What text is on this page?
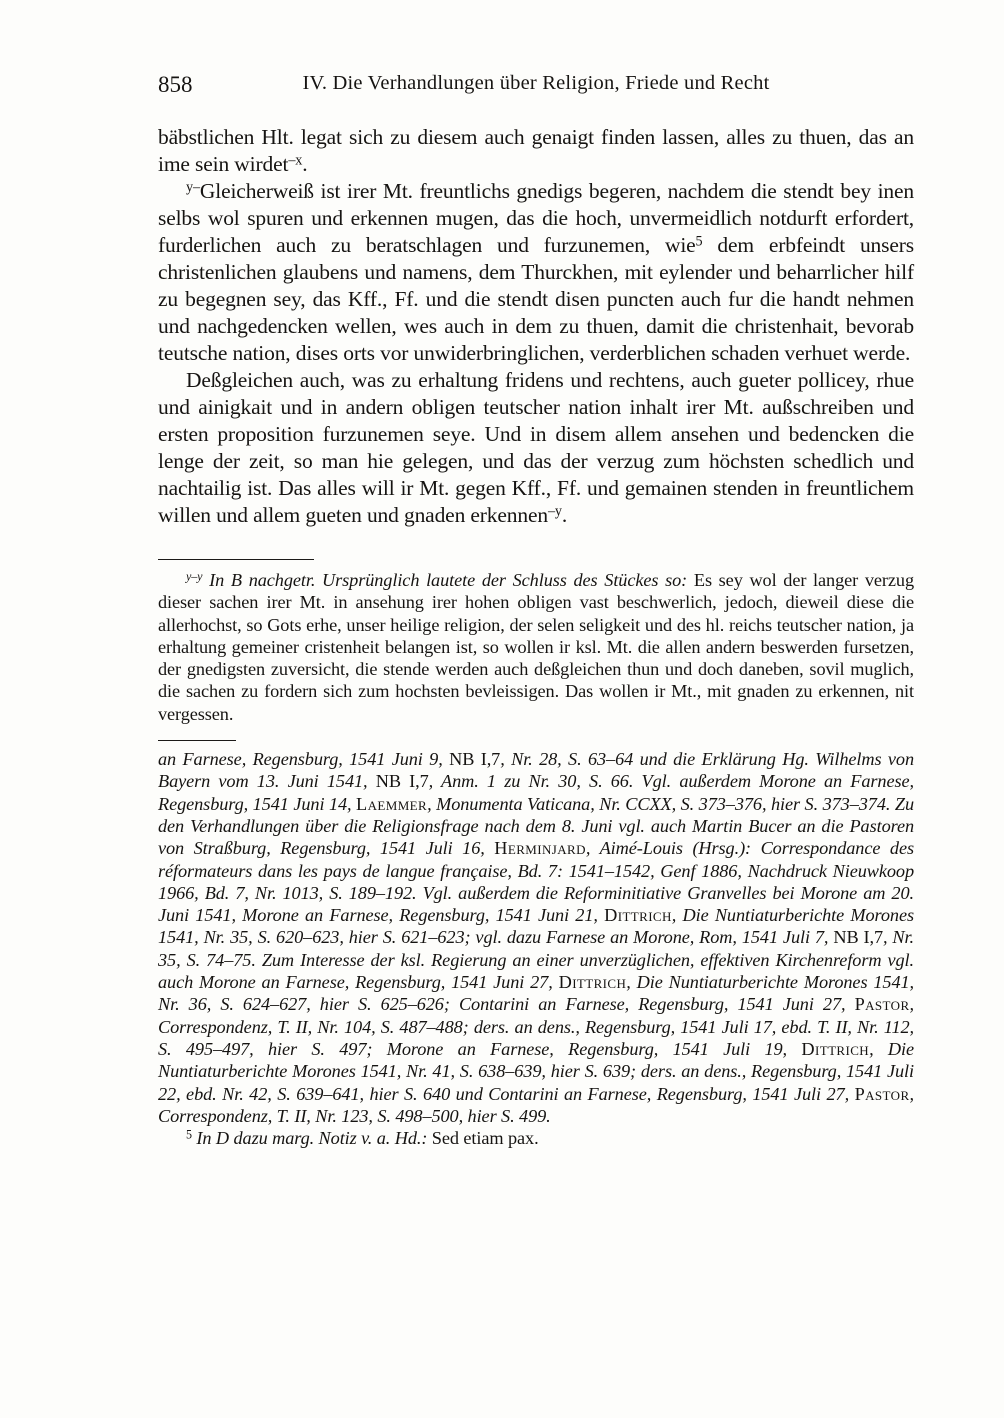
858	IV. Die Verhandlungen über Religion, Friede und Recht

bäbstlichen Hlt. legat sich zu diesem auch genaigt finden lassen, alles zu thuen, das an ime sein wirdet$^{-x}$.

$^{y-}$Gleicherweiß ist irer Mt. freuntlichs gnedigs begeren, nachdem die stendt bey inen selbs wol spuren und erkennen mugen, das die hoch, unvermeidlich notdurft erfordert, furderlichen auch zu beratschlagen und furzunemen, wie$^5$ dem erbfeindt unsers christenlichen glaubens und namens, dem Thurckhen, mit eylender und beharrlicher hilf zu begegnen sey, das Kff., Ff. und die stendt disen puncten auch fur die handt nehmen und nachgedencken wellen, wes auch in dem zu thuen, damit die christenhait, bevorab teutsche nation, dises orts vor unwiderbringlichen, verderblichen schaden verhuet werde.

Deßgleichen auch, was zu erhaltung fridens und rechtens, auch gueter pollicey, rhue und ainigkait und in andern obligen teutscher nation inhalt irer Mt. außschreiben und ersten proposition furzunemen seye. Und in disem allem ansehen und bedencken die lenge der zeit, so man hie gelegen, und das der verzug zum höchsten schedlich und nachtailig ist. Das alles will ir Mt. gegen Kff., Ff. und gemainen stenden in freuntlichem willen und allem gueten und gnaden erkennen$^{-y}$.

$^{y-y}$ In B nachgetr. Ursprünglich lautete der Schluss des Stückes so: Es sey wol der langer verzug dieser sachen irer Mt. in ansehung irer hohen obligen vast beschwerlich, jedoch, dieweil diese die allerhochst, so Gots erhe, unser heilige religion, der selen seligkeit und des hl. reichs teutscher nation, ja erhaltung gemeiner cristenheit belangen ist, so wollen ir ksl. Mt. die allen andern beswerden fursetzen, der gnedigsten zuversicht, die stende werden auch deßgleichen thun und doch daneben, sovil muglich, die sachen zu fordern sich zum hochsten bevleissigen. Das wollen ir Mt., mit gnaden zu erkennen, nit vergessen.

an Farnese, Regensburg, 1541 Juni 9, NB I,7, Nr. 28, S. 63–64 und die Erklärung Hg. Wilhelms von Bayern vom 13. Juni 1541, NB I,7, Anm. 1 zu Nr. 30, S. 66. Vgl. außerdem Morone an Farnese, Regensburg, 1541 Juni 14, Laemmer, Monumenta Vaticana, Nr. CCXX, S. 373–376, hier S. 373–374. Zu den Verhandlungen über die Religionsfrage nach dem 8. Juni vgl. auch Martin Bucer an die Pastoren von Straßburg, Regensburg, 1541 Juli 16, Herminjard, Aimé-Louis (Hrsg.): Correspondance des réformateurs dans les pays de langue française, Bd. 7: 1541–1542, Genf 1886, Nachdruck Nieuwkoop 1966, Bd. 7, Nr. 1013, S. 189–192. Vgl. außerdem die Reforminitiative Granvelles bei Morone am 20. Juni 1541, Morone an Farnese, Regensburg, 1541 Juni 21, Dittrich, Die Nuntiaturberichte Morones 1541, Nr. 35, S. 620–623, hier S. 621–623; vgl. dazu Farnese an Morone, Rom, 1541 Juli 7, NB I,7, Nr. 35, S. 74–75. Zum Interesse der ksl. Regierung an einer unverzüglichen, effektiven Kirchenreform vgl. auch Morone an Farnese, Regensburg, 1541 Juni 27, Dittrich, Die Nuntiaturberichte Morones 1541, Nr. 36, S. 624–627, hier S. 625–626; Contarini an Farnese, Regensburg, 1541 Juni 27, Pastor, Correspondenz, T. II, Nr. 104, S. 487–488; ders. an dens., Regensburg, 1541 Juli 17, ebd. T. II, Nr. 112, S. 495–497, hier S. 497; Morone an Farnese, Regensburg, 1541 Juli 19, Dittrich, Die Nuntiaturberichte Morones 1541, Nr. 41, S. 638–639, hier S. 639; ders. an dens., Regensburg, 1541 Juli 22, ebd. Nr. 42, S. 639–641, hier S. 640 und Contarini an Farnese, Regensburg, 1541 Juli 27, Pastor, Correspondenz, T. II, Nr. 123, S. 498–500, hier S. 499.

$^5$ In D dazu marg. Notiz v. a. Hd.: Sed etiam pax.
